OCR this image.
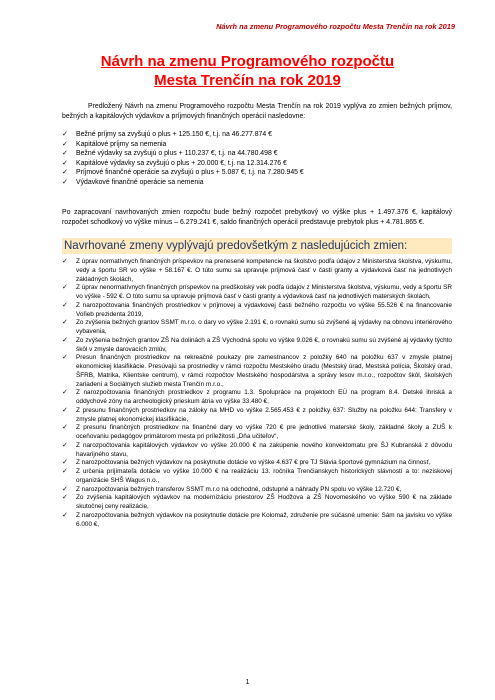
Návrh na zmenu Programového rozpočtu Mesta Trenčín na rok 2019
Návrh na zmenu Programového rozpočtu
Mesta Trenčín na rok 2019
Predložený Návrh na zmenu Programového rozpočtu Mesta Trenčín na rok 2019 vyplýva zo zmien bežných príjmov, bežných a kapitálových výdavkov a príjmových finančných operácií nasledovne:
✓ Bežné príjmy sa zvyšujú o plus + 125.150 €, t.j. na 46.277.874 €
✓ Kapitálové príjmy sa nemenia
✓ Bežné výdavky sa zvyšujú o plus + 110.237 €, t.j. na 44.780.498 €
✓ Kapitálové výdavky sa zvyšujú o plus + 20.000 €, t.j. na 12.314.276 €
✓ Príjmové finančné operácie sa zvyšujú o plus + 5.087 €, t.j. na 7.280.945 €
✓ Výdavkové finančné operácie sa nemenia
Po zapracovaní navrhovaných zmien rozpočtu bude bežný rozpočet prebytkový vo výške plus + 1.497.376 €, kapitálový rozpočet schodkový vo výške mínus – 6.279.241 €, saldo finančných operácií predstavuje prebytok plus + 4.781.865 €.
Navrhované zmeny vyplývajú predovšetkým z nasledujúcich zmien:
✓ Z úprav normatívnych finančných príspevkov na prenesené kompetencie na školstvo podľa údajov z Ministerstva školstva, výskumu, vedy a športu SR vo výške + 58.167 €. O túto sumu sa upravuje príjmová časť v časti granty a výdavková časť na jednotlivých základných školách,
✓ Z úprav nenormatívnych finančných príspevkov na predškolský vek podľa údajov z Ministerstva školstva, výskumu, vedy a športu SR vo výške - 592 €. O túto sumu sa upravuje príjmová časť v časti granty a výdavková časť na jednotlivých materských školách,
✓ Z narozpočtovania finančných prostriedkov v príjmovej a výdavkovej časti bežného rozpočtu vo výške 55.526 € na financovanie Voľieb prezidenta 2019,
✓ Zo zvýšenia bežných grantov SSMT m.r.o. o dary vo výške 2.191 €, o rovnakú sumu sú zvýšené aj výdavky na obnovu interiérového vybavenia,
✓ Zo zvýšenia bežných grantov ZŠ Na dolinách a ZŠ Východná spolu vo výške 9.026 €, o rovnakú sumu sú zvýšené aj výdavky týchto škôl v zmysle darovacích zmlúv,
✓ Presun finančných prostriedkov na rekreačné poukazy pre zamestnancov z položky 640 na položku 637 v zmysle platnej ekonomickej klasifikácie. Presúvajú sa prostriedky v rámci rozpočtu Mestského úradu (Mestský úrad, Mestská polícia, Školský úrad, ŠFRB, Matrika, Klientske centrum), v rámci rozpočtov Mestského hospodárstva a správy lesov m.r.o., rozpočtov škôl, školských zariadení a Sociálnych služieb mesta Trenčín m.r.o.,
✓ Z narozpočtovania finančných prostriedkov z programu 1.3. Spolupráce na projektoch EÚ na program 8.4. Detské ihriská a oddychové zóny na archeologický prieskum átria vo výške 33.480 €,
✓ Z presunu finančných prostriedkov na záloky na MHD vo výške 2.565.453 € z položky 637: Služby na položku 644: Transfery v zmysle platnej ekonomickej klasifikácie,
✓ Z presunu finančných prostriedkov na finančné dary vo výške 720 € pre jednotlivé materské školy, základné školy a ZUŠ k oceňovaniu pedagógov primátorom mesta pri príležitosti „Dňa učiteľov“,
✓ Z narozpočtovania kapitálových výdavkov vo výške 20.000 € na zakúpenie nového konvektomatu pre ŠJ Kubranská z dôvodu havarijného stavu,
✓ Z narozpočtovania bežných výdavkov na poskytnutie dotácie vo výške 4.637 € pre TJ Slávia športové gymnázium na činnosť,
✓ Z určenia prijímateľa dotácie vo výške 10.000 € na realizáciu 13. ročníka Trenčianskych historických slávností a to: neziskovej organizácie SHŠ Wagus n.o.,
✓ Z narozpočtovania bežných transferov SSMT m.r.o na odchodné, odstupné a náhrady PN spolu vo výške 12.720 €,
✓ Zo zvýšenia kapitálových výdavkov na modernizáciu priestorov ZŠ Hodžova a ZŠ Novomeského vo výške 590 € na základe skutočnej ceny realizácie,
✓ Z narozpočtovania bežných výdavkov na poskytnutie dotácie pre Kolomaž, združenie pre súčasné umenie: Sám na javisku vo výške 6.000 €,
1
